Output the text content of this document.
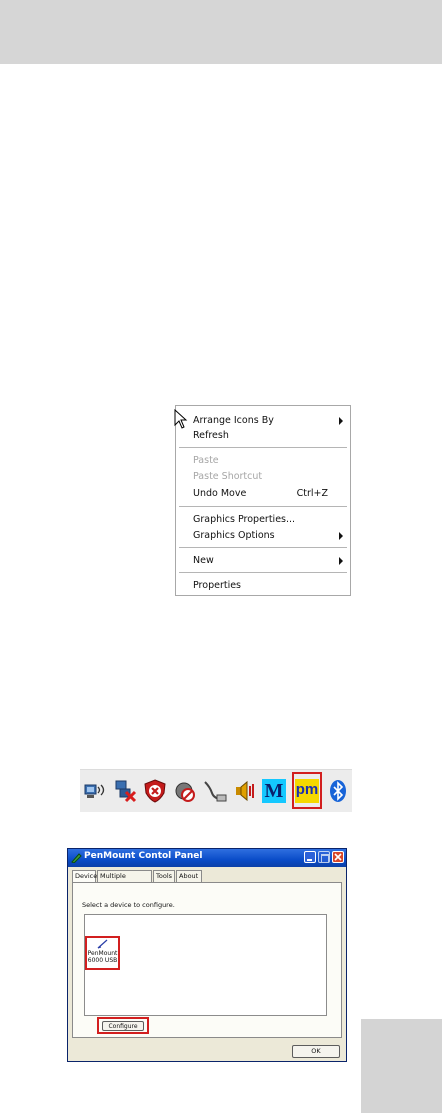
Arrange Icons By
Refresh
Paste
Paste Shortcut
Undo Move	Ctrl+Z
Graphics Properties...
Graphics Options
New
Properties
M pm
PenMount Contol Panel
Device Multiple	Tools	About
Select a device to configure.
PenMount
6000 USB
Configure
OK
